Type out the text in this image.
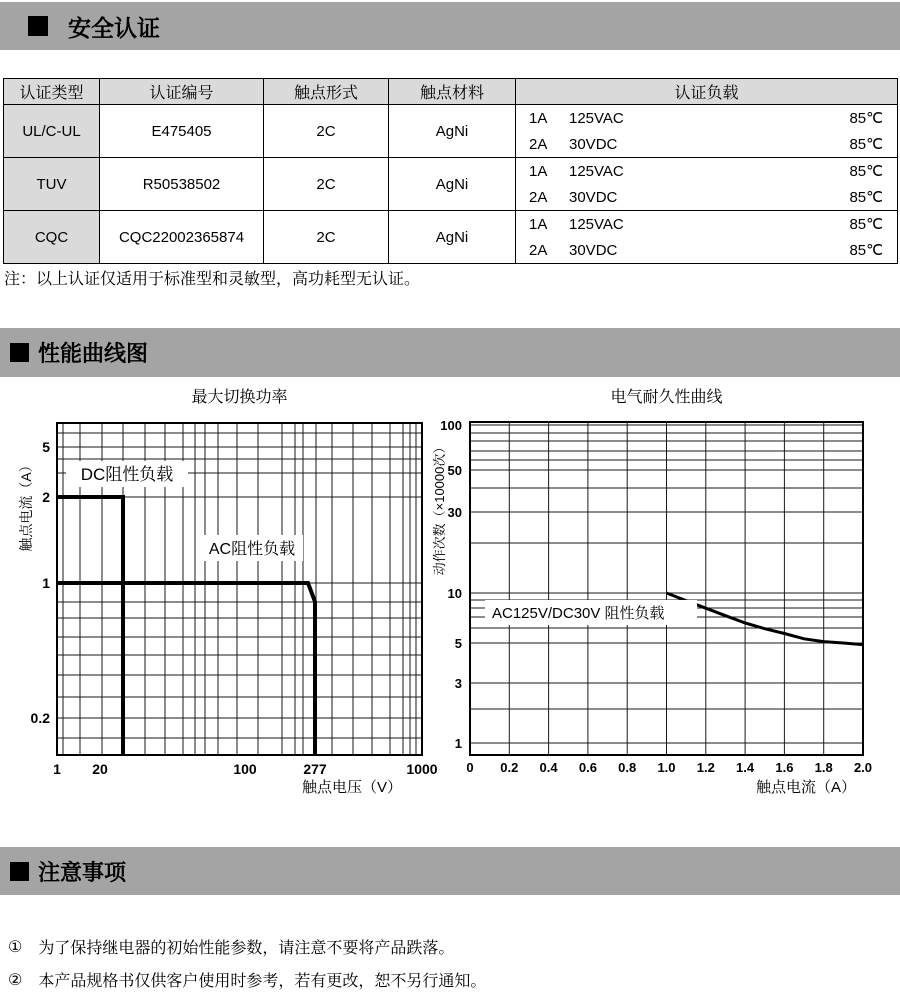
安全认证
认证类型	认证编号	触点形式	触点材料	认证负载
UL/C-UL	E475405	2C	AgNi	
1A	125VAC	85℃
2A	30VDC	85℃

TUV	R50538502	2C	AgNi	
1A	125VAC	85℃
2A	30VDC	85℃

CQC	CQC22002365874	2C	AgNi	
1A	125VAC	85℃
2A	30VDC	85℃
注：以上认证仅适用于标准型和灵敏型，高功耗型无认证。
性能曲线图
最大切换功率	电气耐久性曲线
DC阻性负载
AC阻性负载
1 20	100	277	1000
5
2
1
0.2
触点电压（V）
触点电流（A）
AC125V/DC30V 阻性负载
0 0.2 0.4 0.6 0.8 1.0 1.2 1.4 1.6 1.8 2.0
100
50
30
10
5
3
1
触点电流（A）
动作次数（×10000次）
注意事项
① 为了保持继电器的初始性能参数，请注意不要将产品跌落。
② 本产品规格书仅供客户使用时参考，若有更改，恕不另行通知。
